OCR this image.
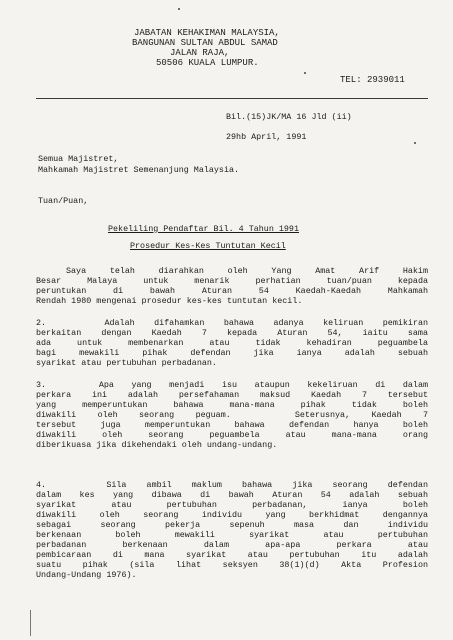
JABATAN KEHAKIMAN MALAYSIA,
BANGUNAN SULTAN ABDUL SAMAD
JALAN RAJA,
50506 KUALA LUMPUR.
TEL: 2939011
Bil.(15)JK/MA 16 Jld (ii)
29hb April, 1991
Semua Majistret,
Mahkamah Majistret Semenanjung Malaysia.
Tuan/Puan,
Pekeliling Pendaftar Bil. 4 Tahun 1991
Prosedur Kes-Kes Tuntutan Kecil
Saya telah diarahkan oleh Yang Amat Arif Hakim
Besar Malaya untuk menarik perhatian tuan/puan kepada
peruntukan di bawah Aturan 54 Kaedah-Kaedah Mahkamah
Rendah 1980 mengenai prosedur kes-kes tuntutan kecil.
2.   Adalah difahamkan bahawa adanya keliruan pemikiran
berkaitan dengan Kaedah 7 kepada Aturan 54, iaitu sama
ada untuk membenarkan atau tidak kehadiran peguambela
bagi mewakili pihak defendan jika ianya adalah sebuah
syarikat atau pertubuhan perbadanan.
3.   Apa yang menjadi isu ataupun kekeliruan di dalam
perkara ini adalah persefahaman maksud Kaedah 7 tersebut
yang memperuntukan bahawa mana-mana pihak tidak boleh
diwakili oleh seorang peguam.   Seterusnya, Kaedah 7
tersebut juga memperuntukan bahawa defendan hanya boleh
diwakili oleh seorang peguambela atau mana-mana orang
diberikuasa jika dikehendaki oleh undang-undang.
4.   Sila ambil maklum bahawa jika seorang defendan
dalam kes yang dibawa di bawah Aturan 54 adalah sebuah
syarikat atau pertubuhan perbadanan, ianya boleh
diwakili oleh seorang individu yang berkhidmat dengannya
sebagai seorang pekerja sepenuh masa dan individu
berkenaan boleh mewakili syarikat atau pertubuhan
perbadanan berkenaan dalam apa-apa perkara atau
pembicaraan di mana syarikat atau pertubuhan itu adalah
suatu pihak (sila lihat seksyen 38(1)(d) Akta Profesion
Undang-Undang 1976).
